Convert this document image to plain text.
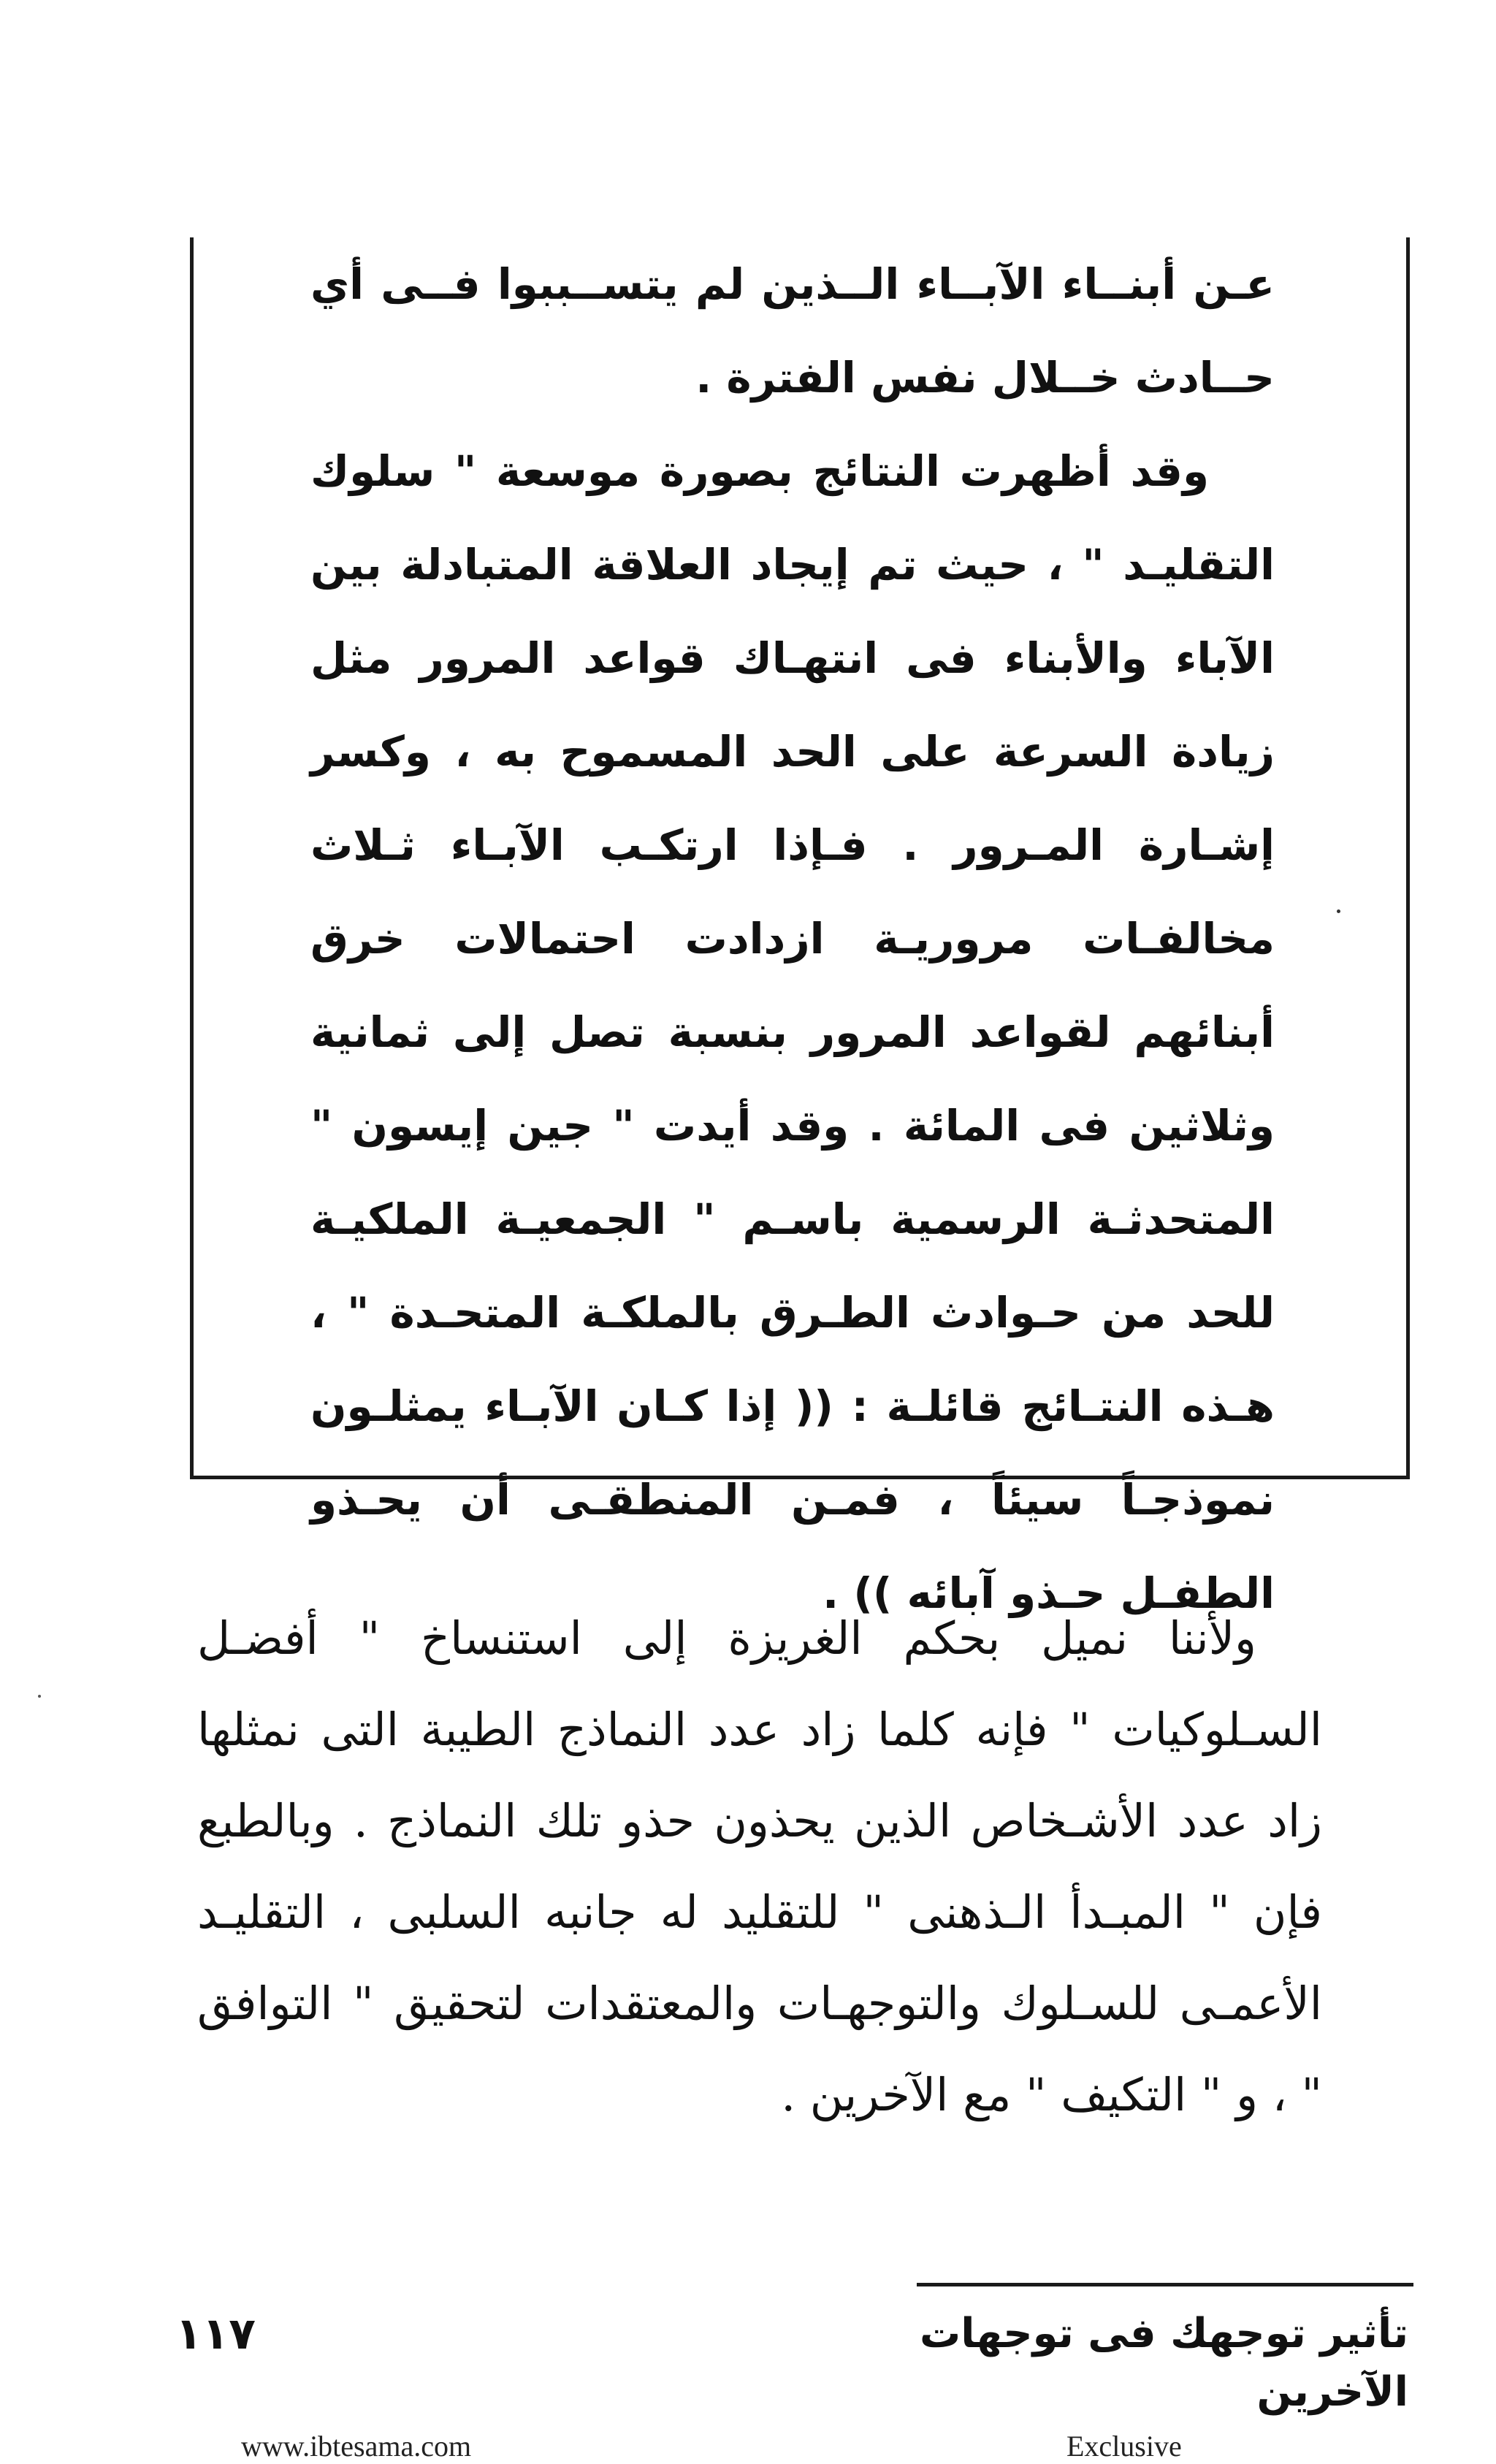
عـن أبنــاء الآبــاء الــذين لم يتســببوا فــى أي حــادث خــلال نفس الفترة .

وقد أظهرت النتائج بصورة موسعة " سلوك التقليـد " ، حيث تم إيجاد العلاقة المتبادلة بين الآباء والأبناء فى انتهـاك قواعد المرور مثل زيادة السرعة على الحد المسموح به ، وكسر إشـارة المـرور . فـإذا ارتكـب الآبـاء ثـلاث مخالفـات مروريـة ازدادت احتمالات خرق أبنائهم لقواعد المرور بنسبة تصل إلى ثمانية وثلاثين فى المائة . وقد أيدت " جين إيسون " المتحدثـة الرسمية باسـم " الجمعيـة الملكيـة للحد من حـوادث الطـرق بالملكـة المتحـدة " ، هـذه النتـائج قائلـة : (( إذا كـان الآبـاء يمثلـون نموذجـاً سيئاً ، فمـن المنطقـى أن يحـذو الطفـل حـذو آبائه )) .

ولأننا نميل بحكم الغريزة إلى استنساخ " أفضـل السـلوكيات " فإنه كلما زاد عدد النماذج الطيبة التى نمثلها زاد عدد الأشـخاص الذين يحذون حذو تلك النماذج . وبالطبع فإن " المبـدأ الـذهنى " للتقليد له جانبه السلبى ، التقليـد الأعمـى للسـلوك والتوجهـات والمعتقدات لتحقيق " التوافق " ، و " التكيف " مع الآخرين .

تأثير توجهك فى توجهات الآخرين
١١٧
www.ibtesama.com	Exclusive
